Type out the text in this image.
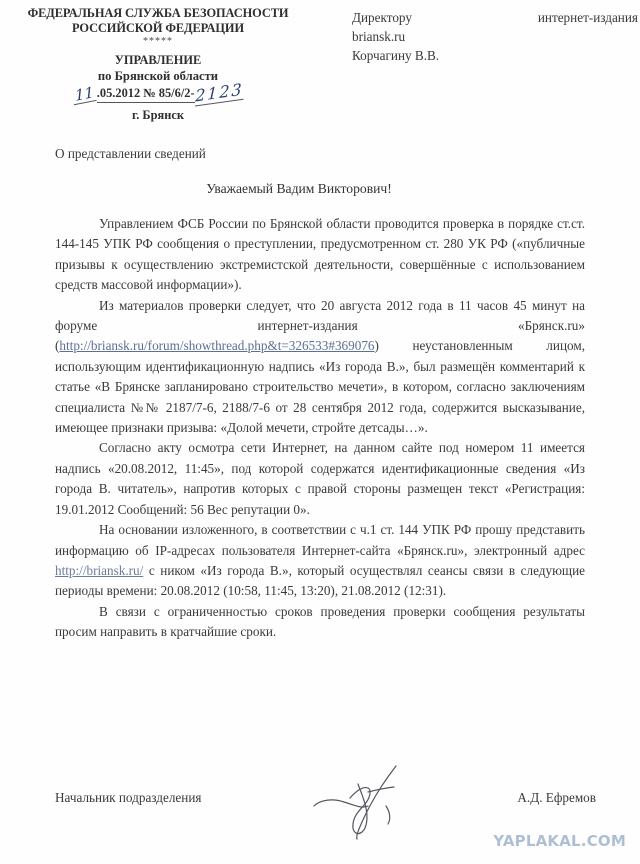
ФЕДЕРАЛЬНАЯ СЛУЖБА БЕЗОПАСНОСТИ
РОССИЙСКОЙ ФЕДЕРАЦИИ
*****
УПРАВЛЕНИЕ
по Брянской области
11 .05.2012 № 85/6/2- 2123
г. Брянск
Директору	интернет-издания
briansk.ru
Корчагину В.В.
О представлении сведений
Уважаемый Вадим Викторович!

Управлением ФСБ России по Брянской области проводится проверка в порядке ст.ст. 144-145 УПК РФ сообщения о преступлении, предусмотренном ст. 280 УК РФ («публичные призывы к осуществлению экстремистской деятельности, совершённые с использованием средств массовой информации»).

Из материалов проверки следует, что 20 августа 2012 года в 11 часов 45 минут на форуме интернет-издания «Брянск.ru» (http://briansk.ru/forum/showthread.php&t=326533#369076) неустановленным лицом, использующим идентификационную надпись «Из города В.», был размещён комментарий к статье «В Брянске запланировано строительство мечети», в котором, согласно заключениям специалиста №№ 2187/7-6, 2188/7-6 от 28 сентября 2012 года, содержится высказывание, имеющее признаки призыва: «Долой мечети, стройте детсады…».

Согласно акту осмотра сети Интернет, на данном сайте под номером 11 имеется надпись «20.08.2012, 11:45», под которой содержатся идентификационные сведения «Из города В. читатель», напротив которых с правой стороны размещен текст «Регистрация: 19.01.2012 Сообщений: 56 Вес репутации 0».

На основании изложенного, в соответствии с ч.1 ст. 144 УПК РФ прошу представить информацию об IP-адресах пользователя Интернет-сайта «Брянск.ru», электронный адрес http://briansk.ru/ с ником «Из города В.», который осуществлял сеансы связи в следующие периоды времени: 20.08.2012 (10:58, 11:45, 13:20), 21.08.2012 (12:31).

В связи с ограниченностью сроков проведения проверки сообщения результаты просим направить в кратчайшие сроки.

Начальник подразделения	А.Д. Ефремов
YAPLAKAL.COM
